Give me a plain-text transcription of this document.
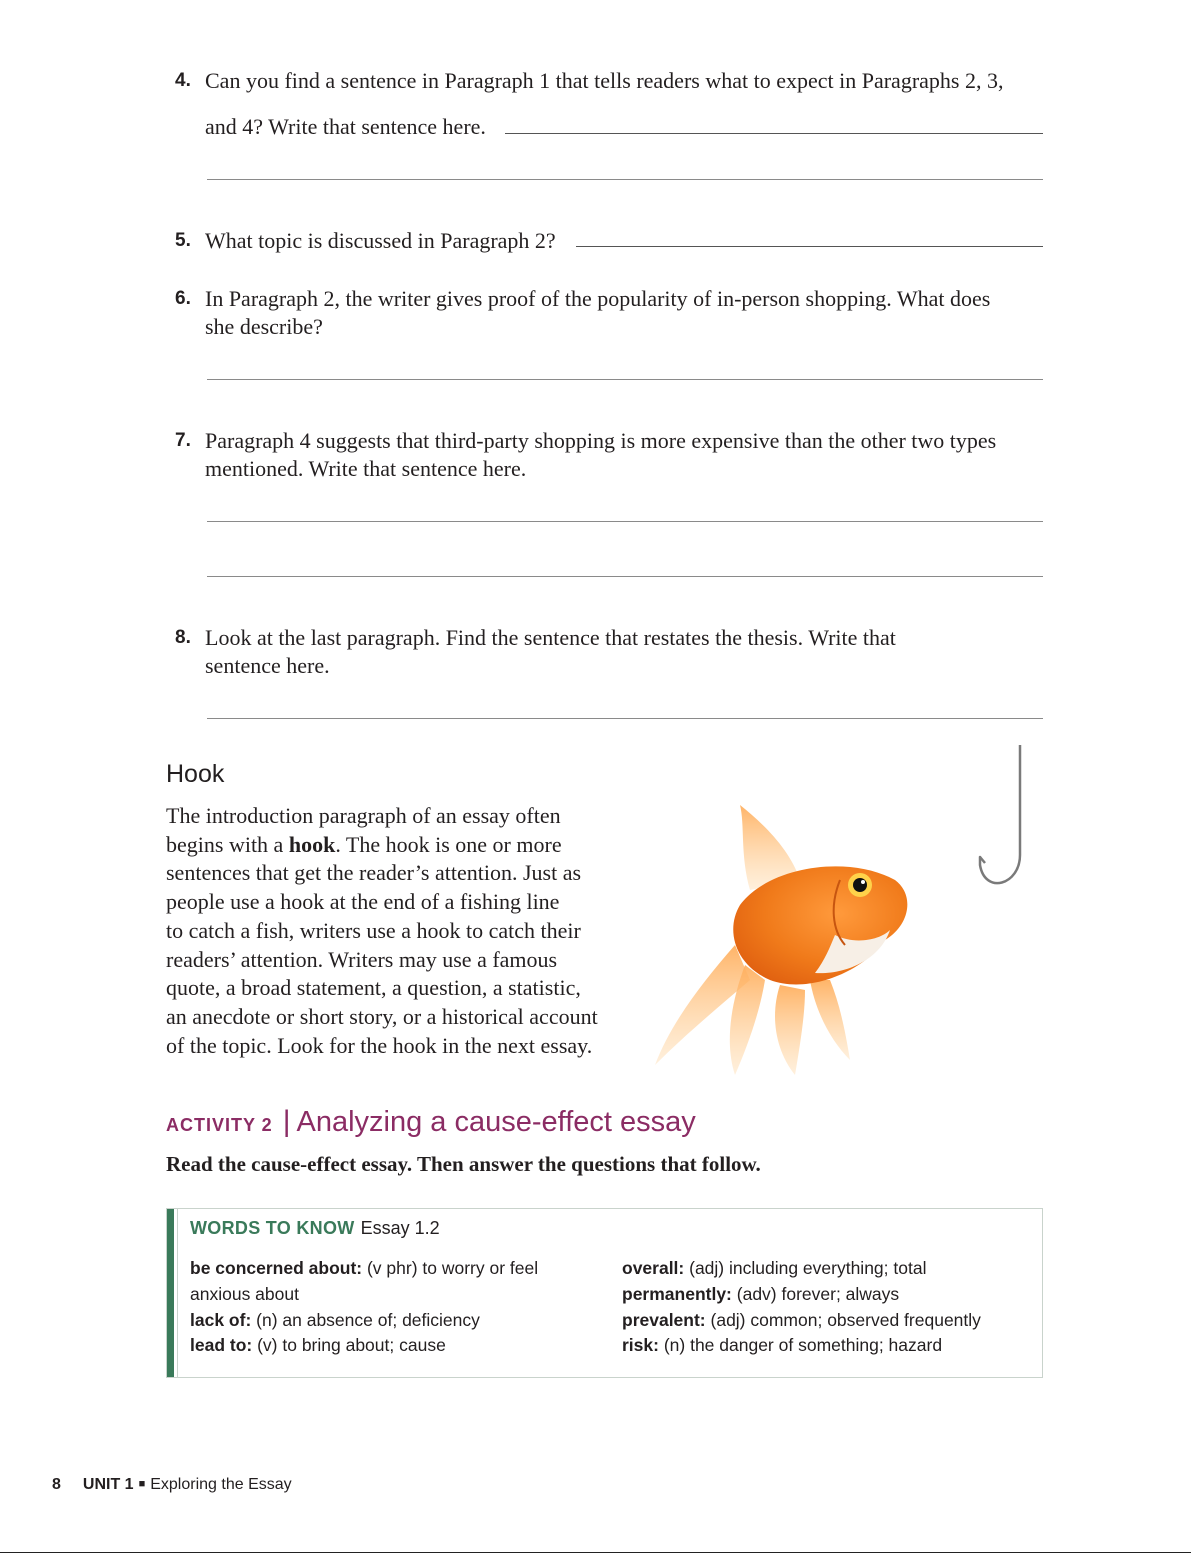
4. Can you find a sentence in Paragraph 1 that tells readers what to expect in Paragraphs 2, 3,
and 4? Write that sentence here.
5. What topic is discussed in Paragraph 2?
6. In Paragraph 2, the writer gives proof of the popularity of in-person shopping. What does
she describe?
7. Paragraph 4 suggests that third-party shopping is more expensive than the other two types
mentioned. Write that sentence here.
8. Look at the last paragraph. Find the sentence that restates the thesis. Write that
sentence here.
Hook
The introduction paragraph of an essay often
begins with a hook. The hook is one or more
sentences that get the reader’s attention. Just as
people use a hook at the end of a fishing line
to catch a fish, writers use a hook to catch their
readers’ attention. Writers may use a famous
quote, a broad statement, a question, a statistic,
an anecdote or short story, or a historical account
of the topic. Look for the hook in the next essay.
ACTIVITY 2 | Analyzing a cause-effect essay
Read the cause-effect essay. Then answer the questions that follow.
WORDS TO KNOW Essay 1.2
be concerned about: (v phr) to worry or feel
anxious about
lack of: (n) an absence of; deficiency
lead to: (v) to bring about; cause
overall: (adj) including everything; total
permanently: (adv) forever; always
prevalent: (adj) common; observed frequently
risk: (n) the danger of something; hazard
8 UNIT 1 ■ Exploring the Essay
